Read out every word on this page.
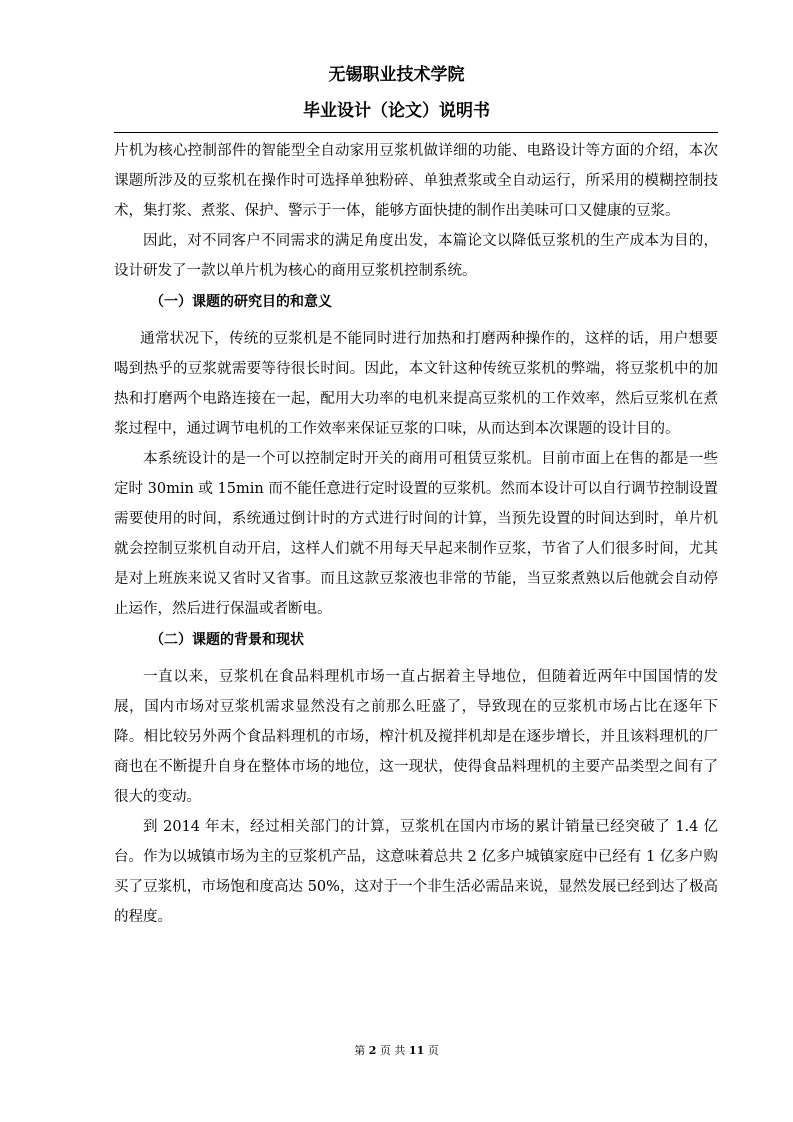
无锡职业技术学院
毕业设计（论文）说明书

片机为核心控制部件的智能型全自动家用豆浆机做详细的功能、电路设计等方面的介绍，本次课题所涉及的豆浆机在操作时可选择单独粉碎、单独煮浆或全自动运行，所采用的模糊控制技术，集打浆、煮浆、保护、警示于一体，能够方面快捷的制作出美味可口又健康的豆浆。

因此，对不同客户不同需求的满足角度出发，本篇论文以降低豆浆机的生产成本为目的，设计研发了一款以单片机为核心的商用豆浆机控制系统。

（一）课题的研究目的和意义

通常状况下，传统的豆浆机是不能同时进行加热和打磨两种操作的，这样的话，用户想要喝到热乎的豆浆就需要等待很长时间。因此，本文针这种传统豆浆机的弊端，将豆浆机中的加热和打磨两个电路连接在一起，配用大功率的电机来提高豆浆机的工作效率，然后豆浆机在煮浆过程中，通过调节电机的工作效率来保证豆浆的口味，从而达到本次课题的设计目的。

本系统设计的是一个可以控制定时开关的商用可租赁豆浆机。目前市面上在售的都是一些定时 30min 或 15min 而不能任意进行定时设置的豆浆机。然而本设计可以自行调节控制设置需要使用的时间，系统通过倒计时的方式进行时间的计算，当预先设置的时间达到时，单片机就会控制豆浆机自动开启，这样人们就不用每天早起来制作豆浆，节省了人们很多时间，尤其是对上班族来说又省时又省事。而且这款豆浆液也非常的节能，当豆浆煮熟以后他就会自动停止运作，然后进行保温或者断电。

（二）课题的背景和现状

一直以来，豆浆机在食品料理机市场一直占据着主导地位，但随着近两年中国国情的发展，国内市场对豆浆机需求显然没有之前那么旺盛了，导致现在的豆浆机市场占比在逐年下降。相比较另外两个食品料理机的市场，榨汁机及搅拌机却是在逐步增长，并且该料理机的厂商也在不断提升自身在整体市场的地位，这一现状，使得食品料理机的主要产品类型之间有了很大的变动。

到 2014 年末，经过相关部门的计算，豆浆机在国内市场的累计销量已经突破了 1.4 亿台。作为以城镇市场为主的豆浆机产品，这意味着总共 2 亿多户城镇家庭中已经有 1 亿多户购买了豆浆机，市场饱和度高达 50%，这对于一个非生活必需品来说，显然发展已经到达了极高的程度。

第 2 页 共 11 页
